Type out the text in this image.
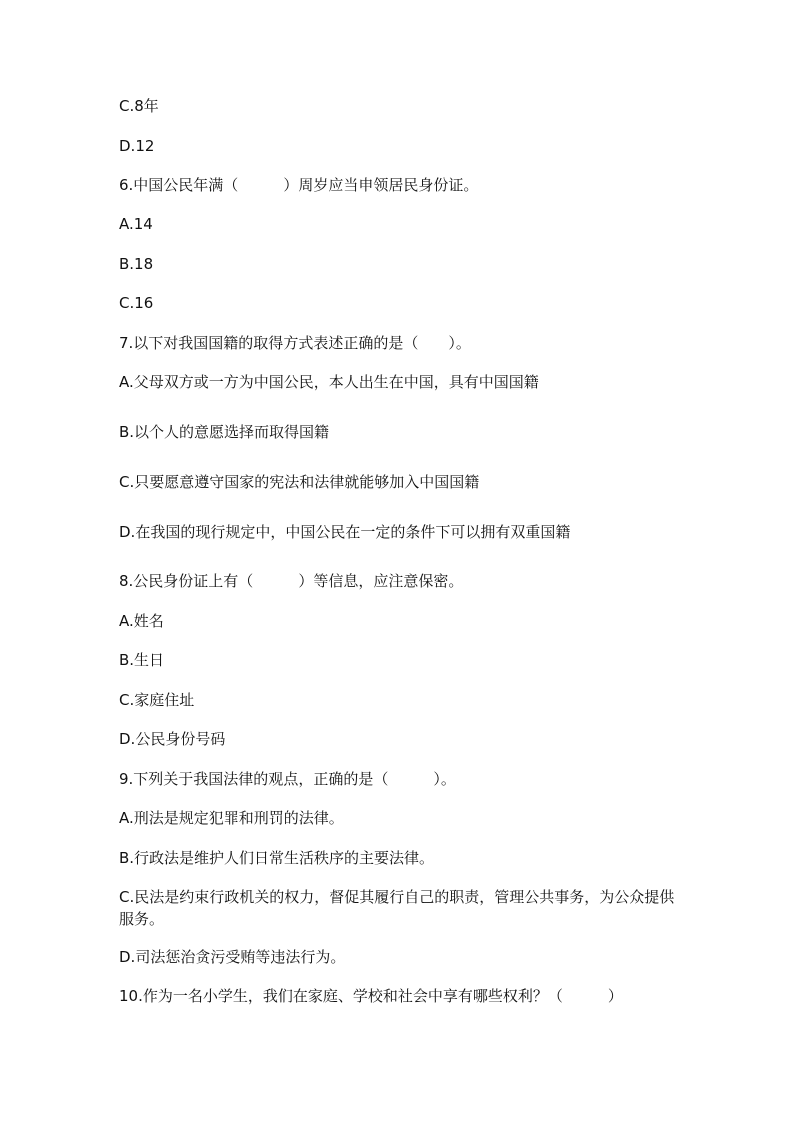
C.8年
D.12
6.中国公民年满（　　　）周岁应当申领居民身份证。
A.14
B.18
C.16
7.以下对我国国籍的取得方式表述正确的是（　　）。
A.父母双方或一方为中国公民，本人出生在中国，具有中国国籍
B.以个人的意愿选择而取得国籍
C.只要愿意遵守国家的宪法和法律就能够加入中国国籍
D.在我国的现行规定中，中国公民在一定的条件下可以拥有双重国籍
8.公民身份证上有（　　　）等信息，应注意保密。
A.姓名
B.生日
C.家庭住址
D.公民身份号码
9.下列关于我国法律的观点，正确的是（　　　）。
A.刑法是规定犯罪和刑罚的法律。
B.行政法是维护人们日常生活秩序的主要法律。
C.民法是约束行政机关的权力，督促其履行自己的职责，管理公共事务，为公众提供服务。
D.司法惩治贪污受贿等违法行为。
10.作为一名小学生，我们在家庭、学校和社会中享有哪些权利？（　　　）
